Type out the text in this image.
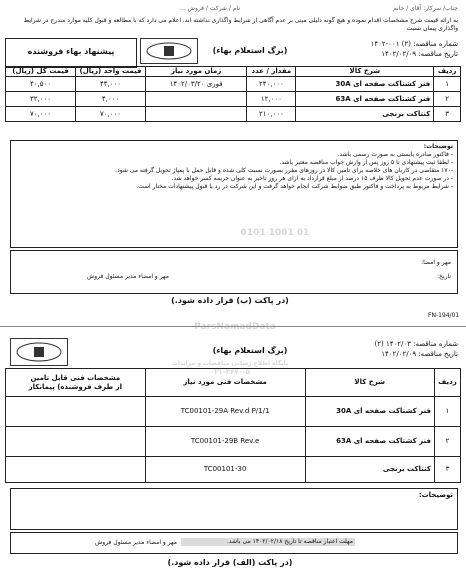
جناب/ سرکار: آقای / خانم
نام / شرکت / فروش ...
به ارائه قیمت شرح مشخصات اقدام نموده و هیچ گونه دلیلی مبنی بر عدم آگاهی از شرایط واگذاری نداشته اند. اعلام می دارد که با مطالعه و قبول کلیه موارد مندرج در شرایط واگذاری پیمان نسبت
شماره مناقصه: (۲) ۰۰۱-۱۴۰۲
تاریخ مناقصه: ۱۴۰۲/۰۲/۰۹
(برگ استعلام بهاء)
پیشنهاد بهاء فروشنده
ردیف	شرح کالا	مقدار / عدد	زمان مورد نیاز	قیمت واحد (ریال)	قیمت کل (ریال)
۱	فنر کشتاکت صفحه ای 30A	۲۴۰,۰۰۰	فوری ۱۴۰۲/۰۳/۲۰	۴۴,۰۰۰	۴۰,۵۰۰
۲	فنر کشتاکت صفحه ای 63A	۱۲,۰۰۰		۴,۰۰۰	۳۲,۰۰۰
۳	کنتاکت برنجی	۲۱۰,۰۰۰		۷۰,۰۰۰	۷۰,۰۰۰
توضیحات:
- فاکتور صادره بایستی به صورت رسمی باشد.
- لطفا ثبت پیشنهادی تا ۵ روز پس از وارش جواب مناقصه معتبر باشد.
-۱۷۰ متقاضی در کاربان های خلاصه برای تامین کالا در روزهای مقرر بصورت نسبت کلی شده و قابل حمل با پمپاژ تحویل گرفته می شود.
- در صورت عدم تحویل کالا ظرف ۱۵ درصد از مبلغ قرارداد به ازای هر روز تاخیر به عنوان جریمه کسر خواهد شد.
- شرایط مربوط به پرداخت و فاکتور طبق ضوابط شرکت انجام خواهد گرفت و این شرکت در رد یا قبول پیشنهادات مختار است.
0101 1001 01
مهر و امضاء مدیر مسئول فروش
مهر و امضا:
تاریخ:
(در پاکت (ب) قرار داده شود.)
FN-194/01
ParsNamadData
شماره مناقصه: ۱۴۰۲/۰۳ (۲)
تاریخ مناقصه: ۱۴۰۲/۰۲/۰۹
(برگ استعلام بهاء)
پایگاه اطلاع رسانی مناقصات و مزایدات
۰۲۱-۴۶۷۰-۵
ردیف	شرح کالا	مشخصات فنی مورد نیاز	مشخصات فنی قابل تامین
از طرف فروشنده) پیمانکار

۱	فنر کشتاکت صفحه ای 30A	TC00101-29A Rev.d P/1/1	
۲	فنر کشتاکت صفحه ای 63A	TC00101-29B Rev.e	
۳	کنتاکت برنجی	TC00101-30	
توضیحات:
مهر و امضاء مدیر مسئول فروش	مهلت اعتبار مناقصه تا تاریخ ۱۴۰۲/۰۲/۱۸ می باشد.
(در پاکت (الف) قرار داده شود.)
